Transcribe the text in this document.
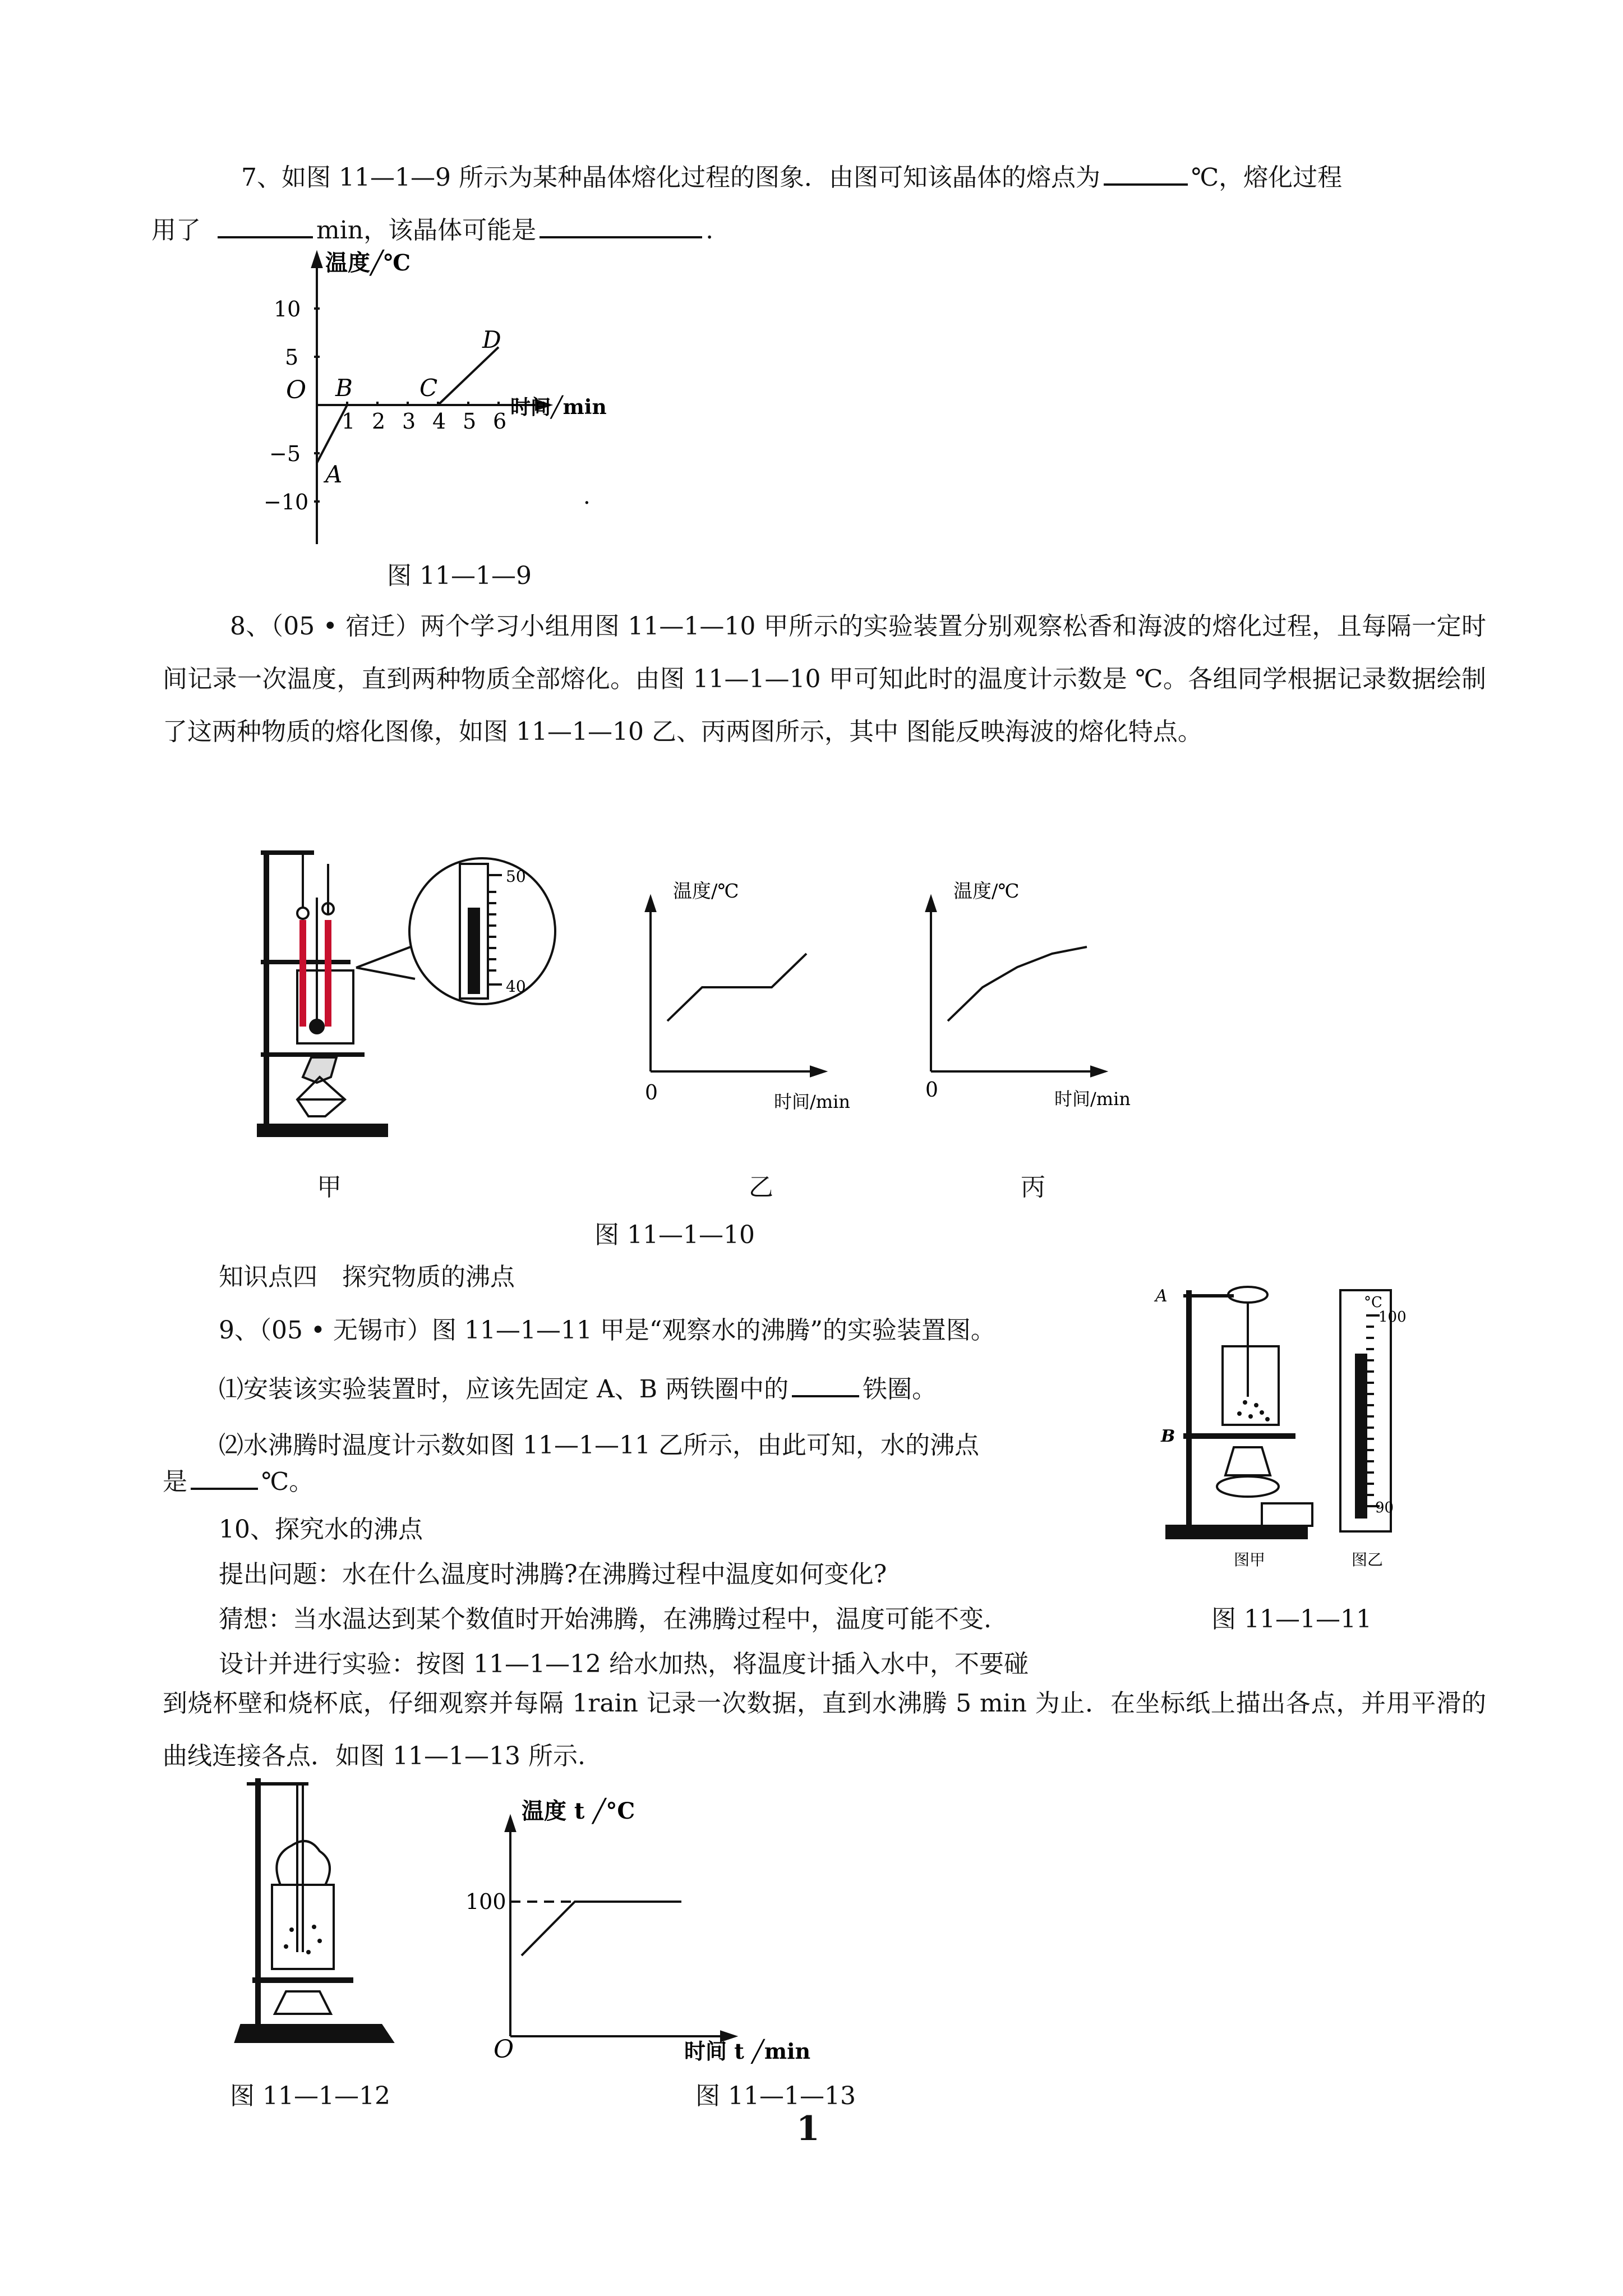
7、如图 11—1—9 所示为某种晶体熔化过程的图象．由图可知该晶体的熔点为	℃，熔化过程
用了	min，该晶体可能是	.
温度╱℃
时间╱min
O
10
5
−5
−10
1 2 3 4 5 6
A
B	C
D
·
图 11—1—9
8、（05 • 宿迁）两个学习小组用图 11—1—10 甲所示的实验装置分别观察松香和海波的熔化过程，且每隔一定时间记录一次温度，直到两种物质全部熔化。由图 11—1—10 甲可知此时的温度计示数是 ℃。各组同学根据记录数据绘制了这两种物质的熔化图像，如图 11—1—10 乙、丙两图所示，其中 图能反映海波的熔化特点。
50
40
温度/℃
时间/min
0
温度/℃
时间/min
0
甲	乙	丙
图 11—1—10
知识点四　探究物质的沸点
9、（05 • 无锡市）图 11—1—11 甲是“观察水的沸腾”的实验装置图。
⑴安装该实验装置时，应该先固定 A、B 两铁圈中的	铁圈。
⑵水沸腾时温度计示数如图 11—1—11 乙所示，由此可知，水的沸点
是	℃。
A
B
图甲	图乙
°C
100
90
10、探究水的沸点
提出问题：水在什么温度时沸腾?在沸腾过程中温度如何变化?
猜想：当水温达到某个数值时开始沸腾，在沸腾过程中，温度可能不变.	图 11—1—11
设计并进行实验：按图 11—1—12 给水加热，将温度计插入水中，不要碰
到烧杯壁和烧杯底，仔细观察并每隔 1rain 记录一次数据，直到水沸腾 5 min 为止．在坐标纸上描出各点，并用平滑的曲线连接各点．如图 11—1—13 所示.
温度 t ╱°C
时间 t ╱min
O
100
图 11—1—12	图 11—1—13
1
